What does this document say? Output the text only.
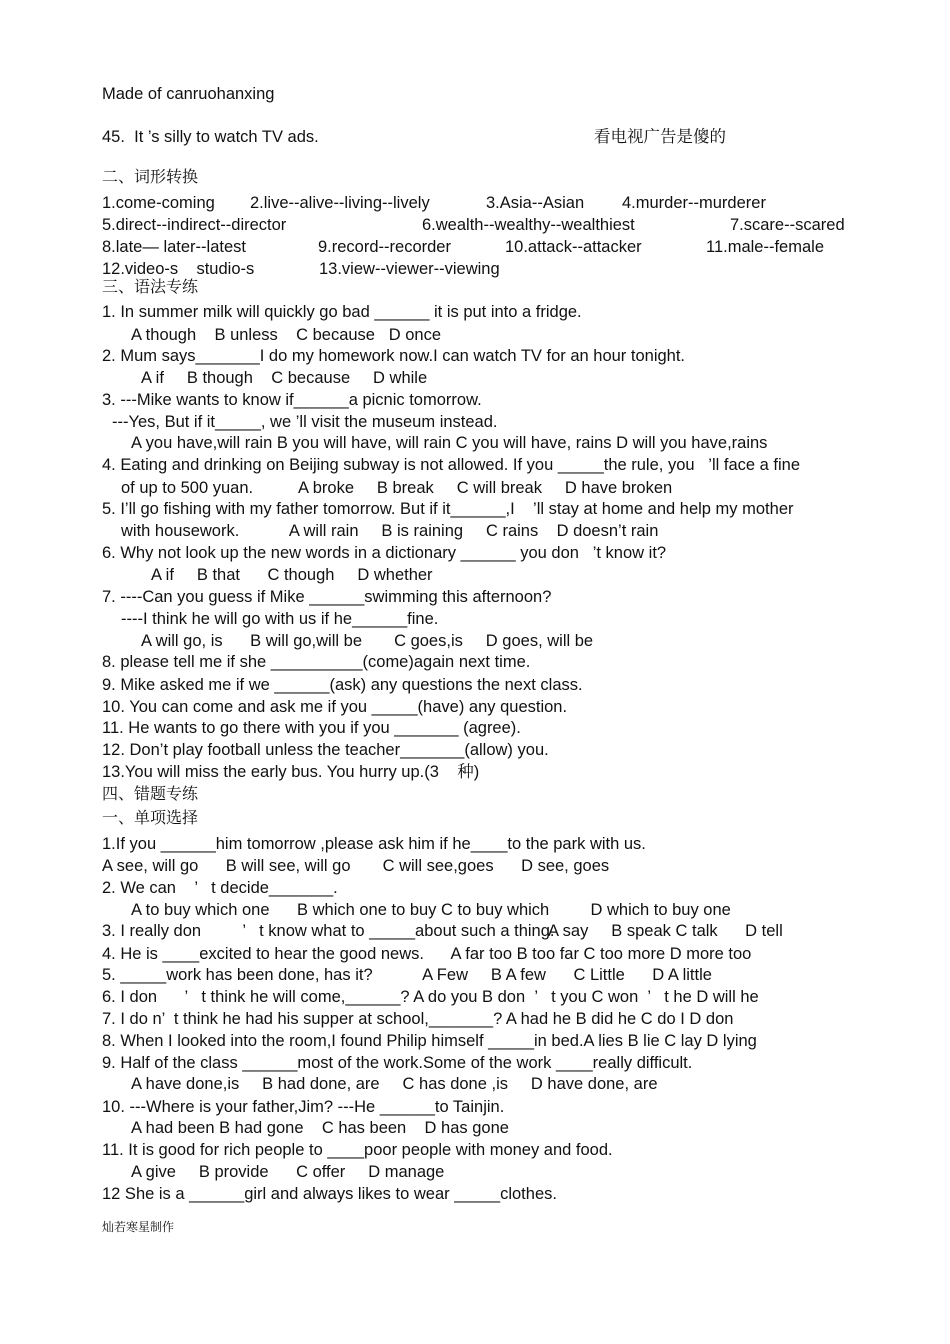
Made of canruohanxing
45.  It ’s silly to watch TV ads.	看电视广告是傻的
二、词形转换
1.come-coming 2.live--alive--living--lively	3.Asia--Asian 4.murder--murderer
5.direct--indirect--director	6.wealth--wealthy--wealthiest	7.scare--scared
8.late— later--latest	9.record--recorder	10.attack--attacker	11.male--female
12.video-s    studio-s	13.view--viewer--viewing
三、语法专练
1. In summer milk will quickly go bad ______ it is put into a fridge.
A though    B unless    C because   D once
2. Mum says_______I do my homework now.I can watch TV for an hour tonight.
A if     B though    C because     D while
3. ---Mike wants to know if______a picnic tomorrow.
---Yes, But if it_____, we ’ll visit the museum instead.
A you have,will rain B you will have, will rain C you will have, rains D will you have,rains
4. Eating and drinking on Beijing subway is not allowed. If you _____the rule, you   ’ll face a fine
of up to 500 yuan.          A broke     B break     C will break     D have broken
5. I’ll go fishing with my father tomorrow. But if it______,I    ’ll stay at home and help my mother
with housework.           A will rain     B is raining     C rains    D doesn’t rain
6. Why not look up the new words in a dictionary ______ you don   ’t know it?
A if     B that      C though     D whether
7. ----Can you guess if Mike ______swimming this afternoon?
----I think he will go with us if he______fine.
A will go, is      B will go,will be       C goes,is     D goes, will be
8. please tell me if she __________(come)again next time.
9. Mike asked me if we ______(ask) any questions the next class.
10. You can come and ask me if you _____(have) any question.
11. He wants to go there with you if you _______ (agree).
12. Don’t play football unless the teacher_______(allow) you.
13.You will miss the early bus. You hurry up.(3    种)
四、错题专练
一、单项选择
1.If you ______him tomorrow ,please ask him if he____to the park with us.
A see, will go      B will see, will go       C will see,goes      D see, goes
2. We can    ’   t decide_______.
A to buy which one      B which one to buy C to buy which         D which to buy one
3. I really don         ’   t know what to _____about such a thing.
A say     B speak C talk      D tell
4. He is ____excited to hear the good news.      A far too B too far C too more D more too
5. _____work has been done, has it?           A Few     B A few      C Little      D A little
6. I don      ’   t think he will come,______? A do you B don  ’   t you C won  ’   t he D will he
7. I do n’  t think he had his supper at school,_______? A had he B did he C do I D don
8. When I looked into the room,I found Philip himself _____in bed.A lies B lie C lay D lying
9. Half of the class ______most of the work.Some of the work ____really difficult.
A have done,is     B had done, are     C has done ,is     D have done, are
10. ---Where is your father,Jim? ---He ______to Tainjin.
A had been B had gone    C has been    D has gone
11. It is good for rich people to ____poor people with money and food.
A give     B provide      C offer     D manage
12 She is a ______girl and always likes to wear _____clothes.
灿若寒星制作
